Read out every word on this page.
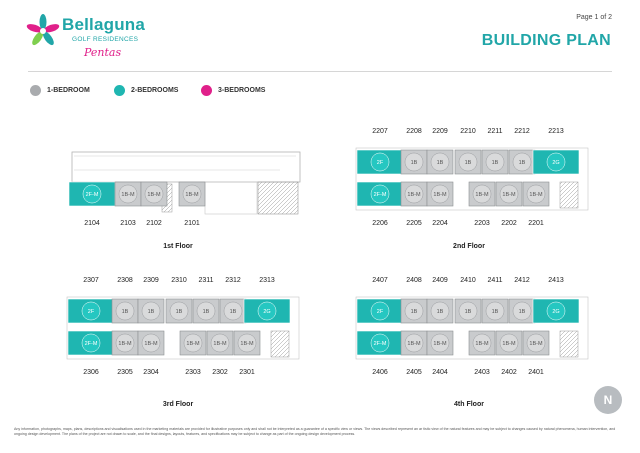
Bellaguna
GOLF RESIDENCES
Pentas
Page 1 of 2
BUILDING PLAN
1-BEDROOM	2-BEDROOMS	3-BEDROOMS
2F-M	1B-M 1B-M	1B-M
2F	1B	1B	1B	1B	1B	2G
2F-M	1B-M 1B-M	1B-M	1B-M	1B-M
2F	1B	1B	1B	1B	1B	2G
2F-M	1B-M 1B-M	1B-M	1B-M	1B-M
2F	1B	1B	1B	1B	1B	2G
2F-M	1B-M 1B-M	1B-M	1B-M	1B-M
1st Floor	2nd Floor
3rd Floor	4th Floor
2207	2208	2209	2210	2211	2212	2213
2206	2205	2204	2203	2202	2201
2307	2308	2309	2310	2311	2312	2313
2306	2305	2304	2303	2302	2301
2407	2408	2409	2410	2411	2412	2413
2406	2405	2404	2403	2402	2401
2104	2103	2102	2101
N
Any information, photographs, maps, plans, descriptions and visualisations used in the marketing materials are provided for illustrative purposes only and shall not be interpreted as a guarantee of a specific view or views. The views described represent an ar tistic view of the natural features and may be subject to changes caused by natural phenomena, human intervention, and ongoing design development. The plans of the project are not drawn to scale, and the final designs, layouts, features, and specifications may be subject to change as part of the ongoing design development process.
